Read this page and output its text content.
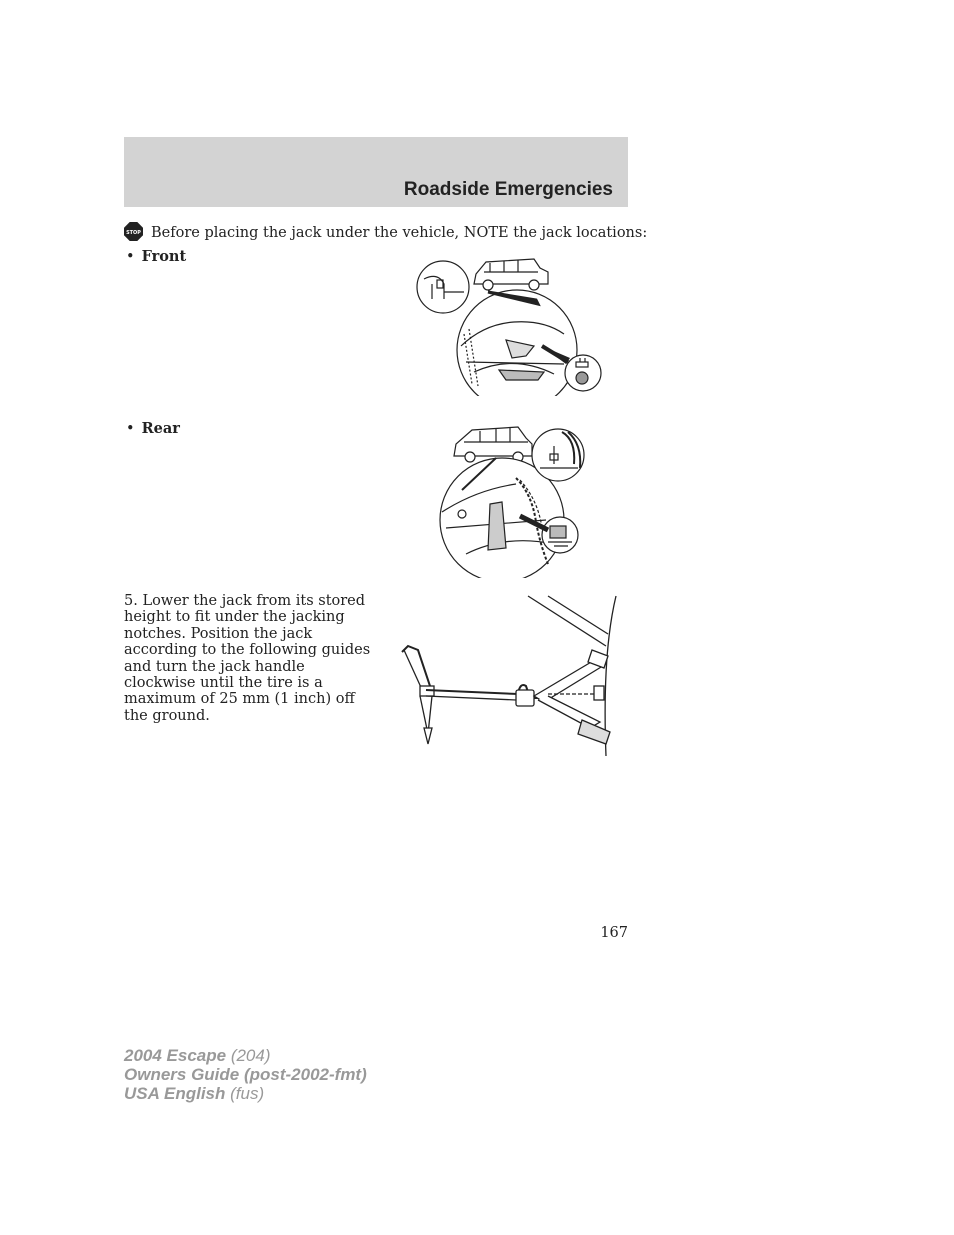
Roadside Emergencies
STOP Before placing the jack under the vehicle, NOTE the jack locations:
• Front
• Rear
5. Lower the jack from its stored height to fit under the jacking notches. Position the jack according to the following guides and turn the jack handle clockwise until the tire is a maximum of 25 mm (1 inch) off the ground.
167
2004 Escape (204)
Owners Guide (post-2002-fmt)
USA English (fus)
